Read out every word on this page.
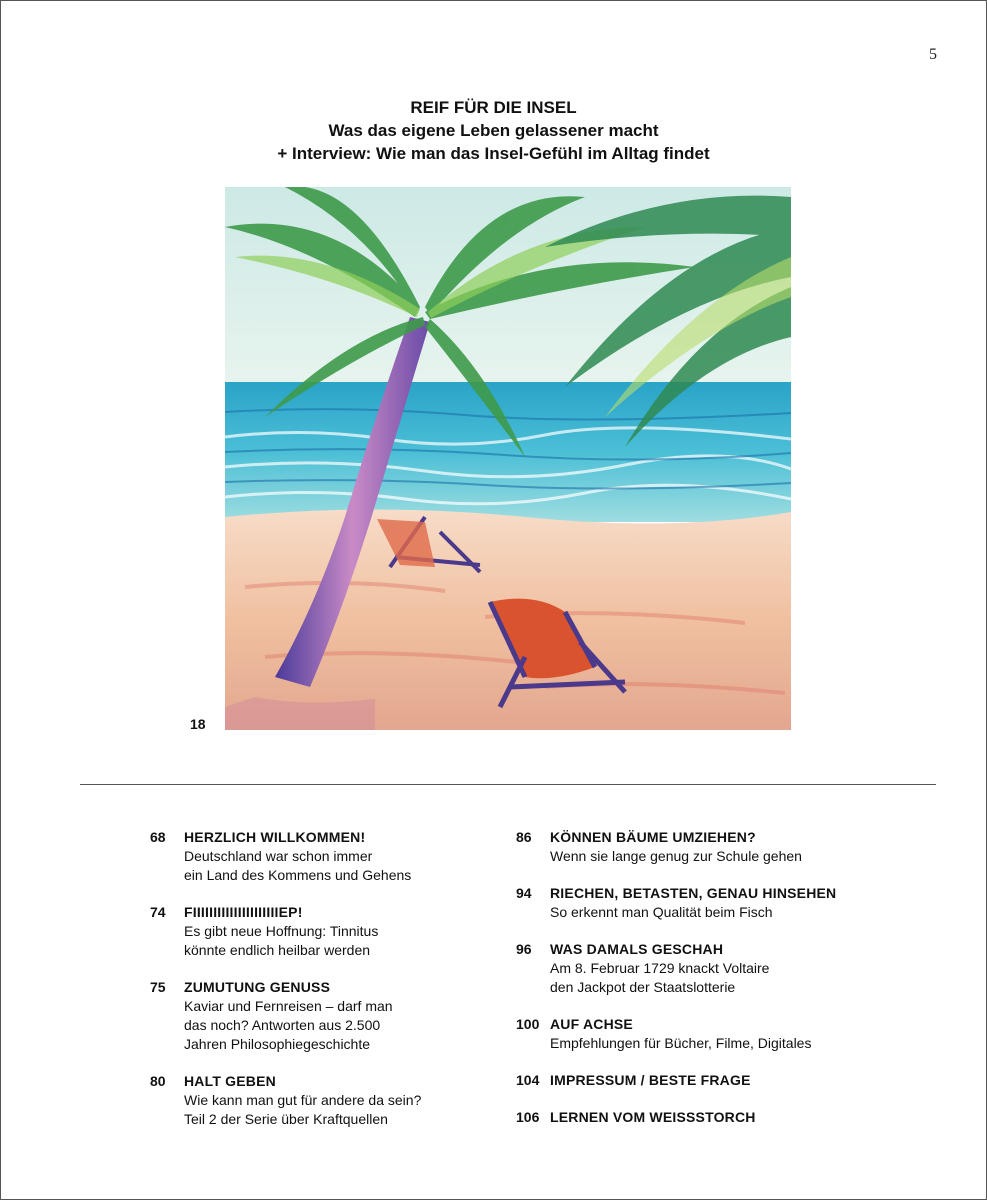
5
REIF FÜR DIE INSEL
Was das eigene Leben gelassener macht
+ Interview: Wie man das Insel-Gefühl im Alltag findet
18
68 HERZLICH WILLKOMMEN!
Deutschland war schon immer
ein Land des Kommens und Gehens
74 FIIIIIIIIIIIIIIIIIIIIIEP!
Es gibt neue Hoffnung: Tinnitus
könnte endlich heilbar werden
75 ZUMUTUNG GENUSS
Kaviar und Fernreisen – darf man
das noch? Antworten aus 2.500
Jahren Philosophiegeschichte
80 HALT GEBEN
Wie kann man gut für andere da sein?
Teil 2 der Serie über Kraftquellen
86 KÖNNEN BÄUME UMZIEHEN?
Wenn sie lange genug zur Schule gehen
94 RIECHEN, BETASTEN, GENAU HINSEHEN
So erkennt man Qualität beim Fisch
96 WAS DAMALS GESCHAH
Am 8. Februar 1729 knackt Voltaire
den Jackpot der Staatslotterie
100 AUF ACHSE
Empfehlungen für Bücher, Filme, Digitales
104 IMPRESSUM / BESTE FRAGE
106 LERNEN VOM WEISSSTORCH
